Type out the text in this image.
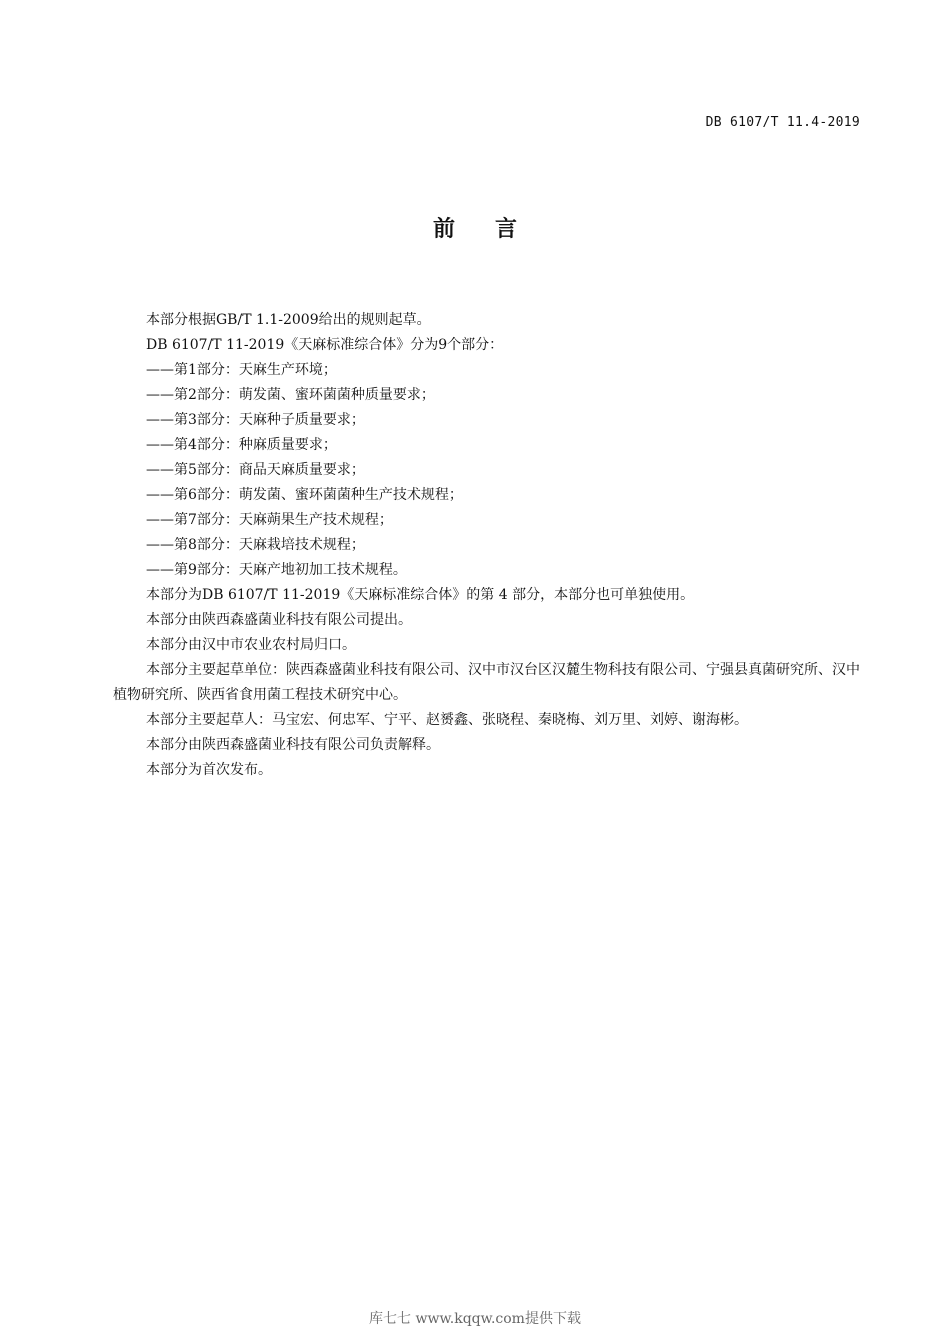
DB 6107/T 11.4-2019
前言

本部分根据GB/T 1.1-2009给出的规则起草。

DB 6107/T 11-2019《天麻标准综合体》分为9个部分：

——第1部分：天麻生产环境；

——第2部分：萌发菌、蜜环菌菌种质量要求；

——第3部分：天麻种子质量要求；

——第4部分：种麻质量要求；

——第5部分：商品天麻质量要求；

——第6部分：萌发菌、蜜环菌菌种生产技术规程；

——第7部分：天麻蒴果生产技术规程；

——第8部分：天麻栽培技术规程；

——第9部分：天麻产地初加工技术规程。

本部分为DB 6107/T 11-2019《天麻标准综合体》的第 4 部分，本部分也可单独使用。

本部分由陕西森盛菌业科技有限公司提出。

本部分由汉中市农业农村局归口。

本部分主要起草单位：陕西森盛菌业科技有限公司、汉中市汉台区汉麓生物科技有限公司、宁强县真菌研究所、汉中植物研究所、陕西省食用菌工程技术研究中心。

本部分主要起草人：马宝宏、何忠军、宁平、赵赟鑫、张晓程、秦晓梅、刘万里、刘婷、谢海彬。

本部分由陕西森盛菌业科技有限公司负责解释。

本部分为首次发布。

库七七 www.kqqw.com提供下载
